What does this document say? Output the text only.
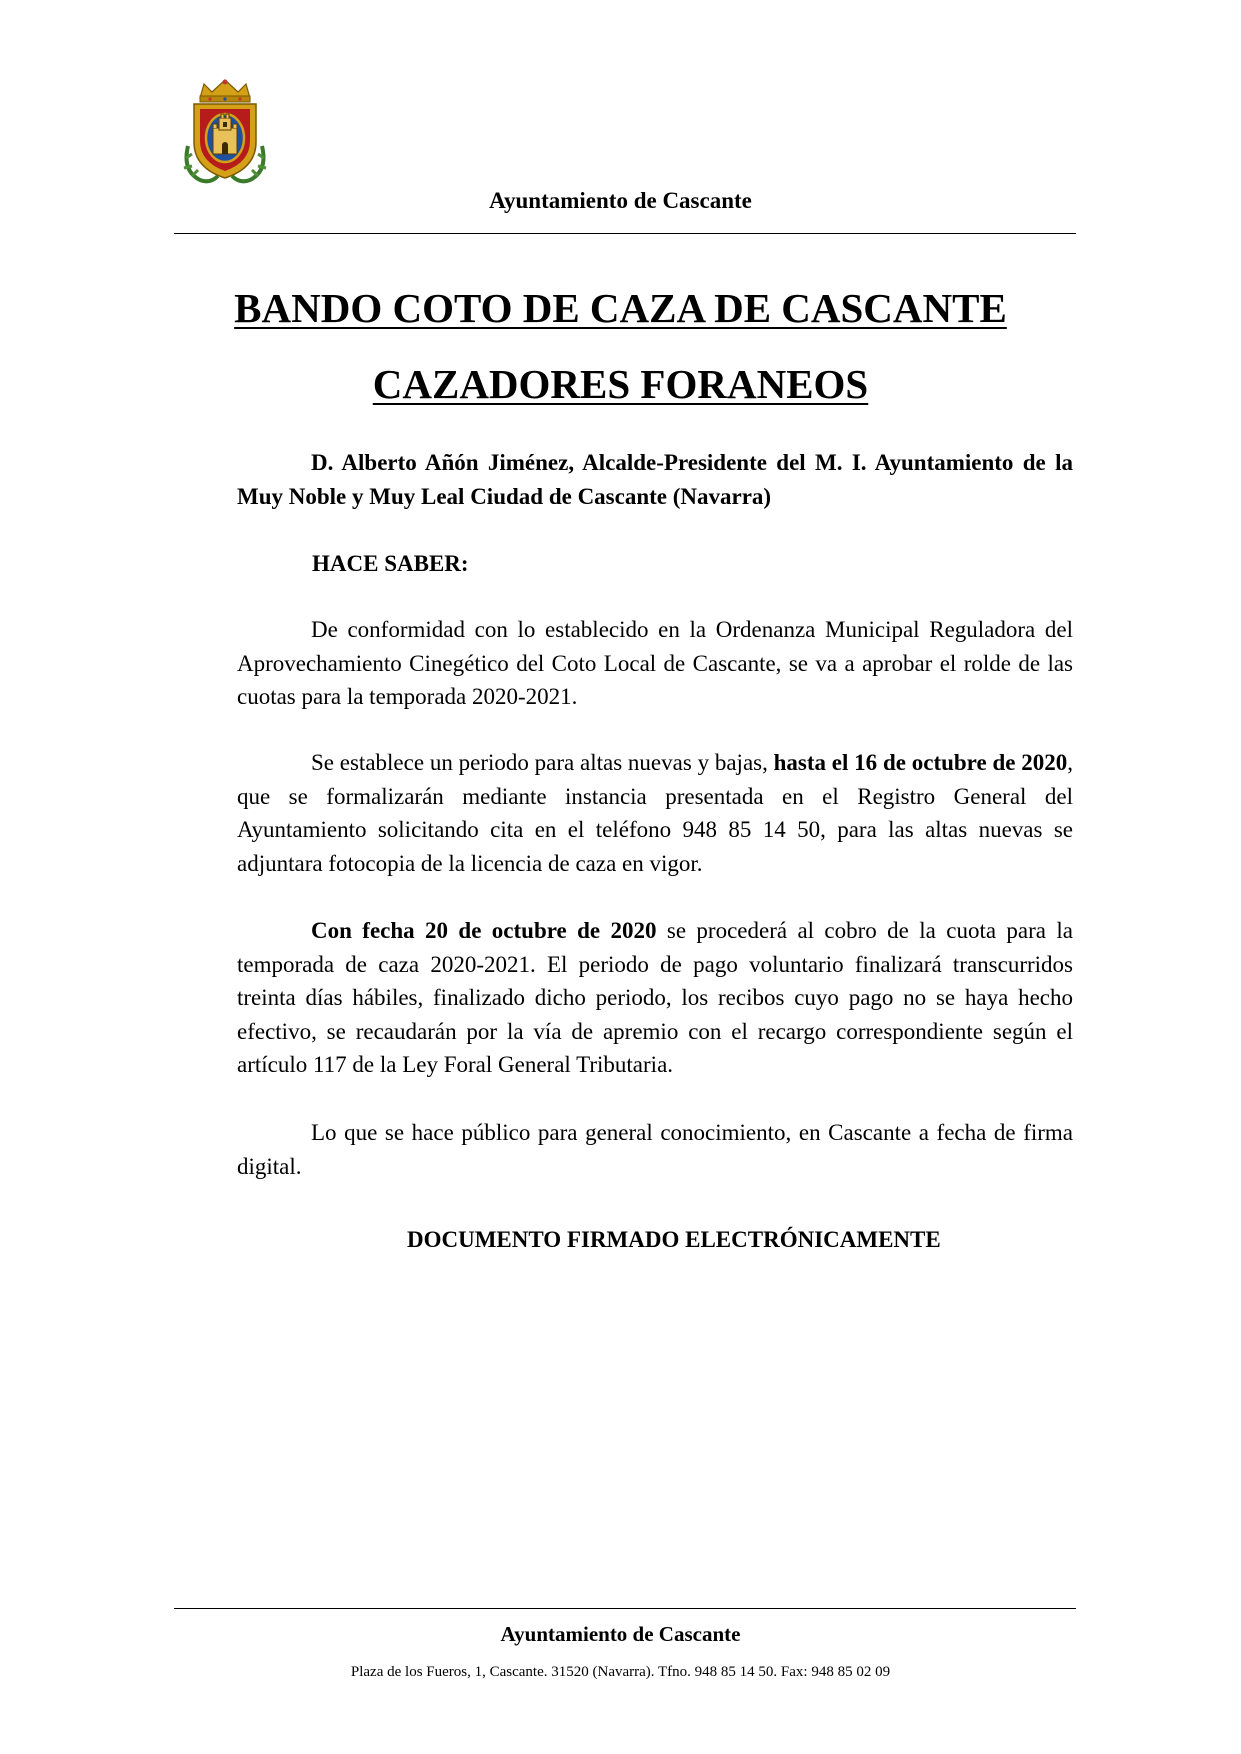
Ayuntamiento de Cascante
BANDO COTO DE CAZA DE CASCANTE
CAZADORES FORANEOS

D. Alberto Añón Jiménez, Alcalde-Presidente del M. I. Ayuntamiento de la Muy Noble y Muy Leal Ciudad de Cascante (Navarra)

HACE SABER:

De conformidad con lo establecido en la Ordenanza Municipal Reguladora del Aprovechamiento Cinegético del Coto Local de Cascante, se va a aprobar el rolde de las cuotas para la temporada 2020-2021.

Se establece un periodo para altas nuevas y bajas, hasta el 16 de octubre de 2020, que se formalizarán mediante instancia presentada en el Registro General del Ayuntamiento solicitando cita en el teléfono 948 85 14 50, para las altas nuevas se adjuntara fotocopia de la licencia de caza en vigor.

Con fecha 20 de octubre de 2020 se procederá al cobro de la cuota para la temporada de caza 2020-2021. El periodo de pago voluntario finalizará transcurridos treinta días hábiles, finalizado dicho periodo, los recibos cuyo pago no se haya hecho efectivo, se recaudarán por la vía de apremio con el recargo correspondiente según el artículo 117 de la Ley Foral General Tributaria.

Lo que se hace público para general conocimiento, en Cascante a fecha de firma digital.

DOCUMENTO FIRMADO ELECTRÓNICAMENTE
Ayuntamiento de Cascante
Plaza de los Fueros, 1, Cascante. 31520 (Navarra). Tfno. 948 85 14 50. Fax: 948 85 02 09
